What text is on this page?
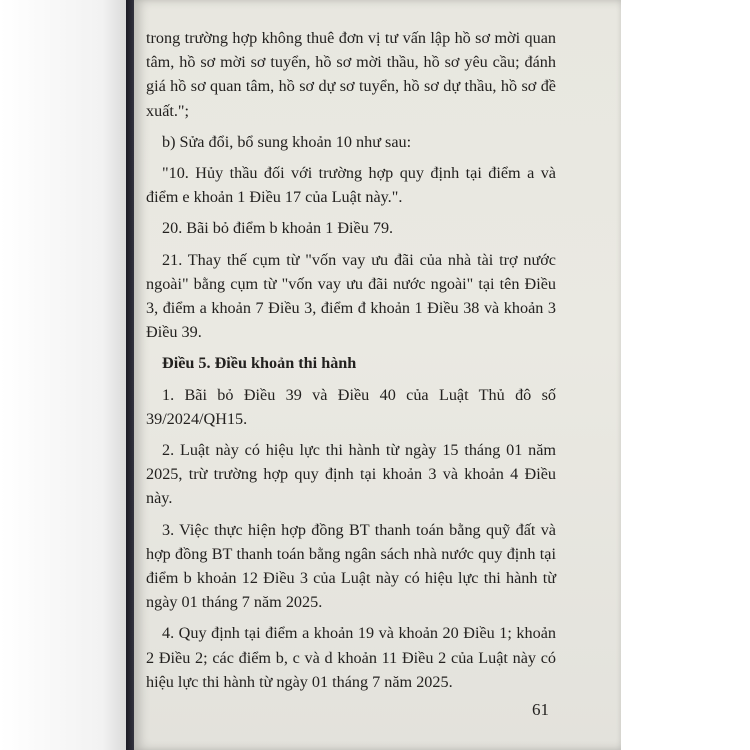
trong trường hợp không thuê đơn vị tư vấn lập hồ sơ mời quan tâm, hồ sơ mời sơ tuyển, hồ sơ mời thầu, hồ sơ yêu cầu; đánh giá hồ sơ quan tâm, hồ sơ dự sơ tuyển, hồ sơ dự thầu, hồ sơ đề xuất.";

b) Sửa đổi, bổ sung khoản 10 như sau:

"10. Hủy thầu đối với trường hợp quy định tại điểm a và điểm e khoản 1 Điều 17 của Luật này.".

20. Bãi bỏ điểm b khoản 1 Điều 79.

21. Thay thế cụm từ "vốn vay ưu đãi của nhà tài trợ nước ngoài" bằng cụm từ "vốn vay ưu đãi nước ngoài" tại tên Điều 3, điểm a khoản 7 Điều 3, điểm đ khoản 1 Điều 38 và khoản 3 Điều 39.

Điều 5. Điều khoản thi hành

1. Bãi bỏ Điều 39 và Điều 40 của Luật Thủ đô số 39/2024/QH15.

2. Luật này có hiệu lực thi hành từ ngày 15 tháng 01 năm 2025, trừ trường hợp quy định tại khoản 3 và khoản 4 Điều này.

3. Việc thực hiện hợp đồng BT thanh toán bằng quỹ đất và hợp đồng BT thanh toán bằng ngân sách nhà nước quy định tại điểm b khoản 12 Điều 3 của Luật này có hiệu lực thi hành từ ngày 01 tháng 7 năm 2025.

4. Quy định tại điểm a khoản 19 và khoản 20 Điều 1; khoản 2 Điều 2; các điểm b, c và d khoản 11 Điều 2 của Luật này có hiệu lực thi hành từ ngày 01 tháng 7 năm 2025.

61
